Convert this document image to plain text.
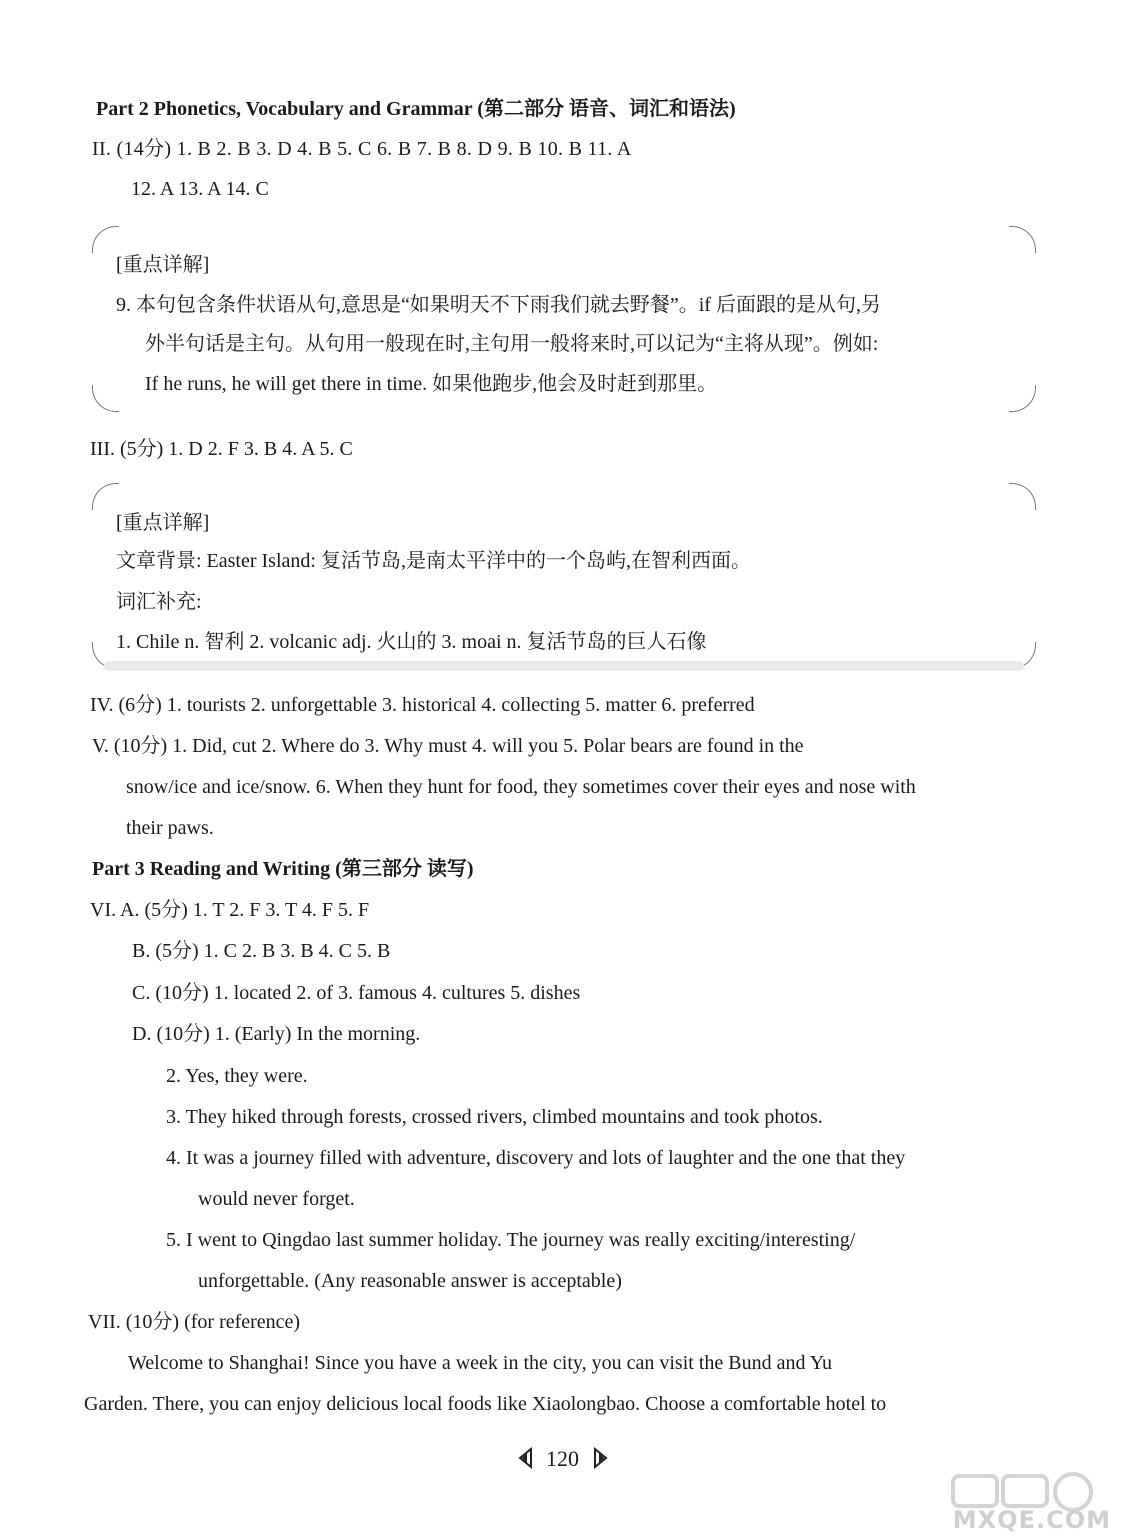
Part 2 Phonetics, Vocabulary and Grammar (第二部分 语音、词汇和语法)
II. (14分) 1. B 2. B 3. D 4. B 5. C 6. B 7. B 8. D 9. B 10. B 11. A
12. A 13. A 14. C
[重点详解]
9. 本句包含条件状语从句,意思是“如果明天不下雨我们就去野餐”。if 后面跟的是从句,另
外半句话是主句。从句用一般现在时,主句用一般将来时,可以记为“主将从现”。例如:
If he runs, he will get there in time. 如果他跑步,他会及时赶到那里。
III. (5分) 1. D 2. F 3. B 4. A 5. C
[重点详解]
文章背景: Easter Island: 复活节岛,是南太平洋中的一个岛屿,在智利西面。
词汇补充:
1. Chile n. 智利 2. volcanic adj. 火山的 3. moai n. 复活节岛的巨人石像
IV. (6分) 1. tourists 2. unforgettable 3. historical 4. collecting 5. matter 6. preferred
V. (10分) 1. Did, cut 2. Where do 3. Why must 4. will you 5. Polar bears are found in the
snow/ice and ice/snow. 6. When they hunt for food, they sometimes cover their eyes and nose with
their paws.
Part 3 Reading and Writing (第三部分 读写)
VI. A. (5分) 1. T 2. F 3. T 4. F 5. F
B. (5分) 1. C 2. B 3. B 4. C 5. B
C. (10分) 1. located 2. of 3. famous 4. cultures 5. dishes
D. (10分) 1. (Early) In the morning.
2. Yes, they were.
3. They hiked through forests, crossed rivers, climbed mountains and took photos.
4. It was a journey filled with adventure, discovery and lots of laughter and the one that they
would never forget.
5. I went to Qingdao last summer holiday. The journey was really exciting/interesting/
unforgettable. (Any reasonable answer is acceptable)
VII. (10分) (for reference)
Welcome to Shanghai! Since you have a week in the city, you can visit the Bund and Yu
Garden. There, you can enjoy delicious local foods like Xiaolongbao. Choose a comfortable hotel to
120
MXQE.COM
